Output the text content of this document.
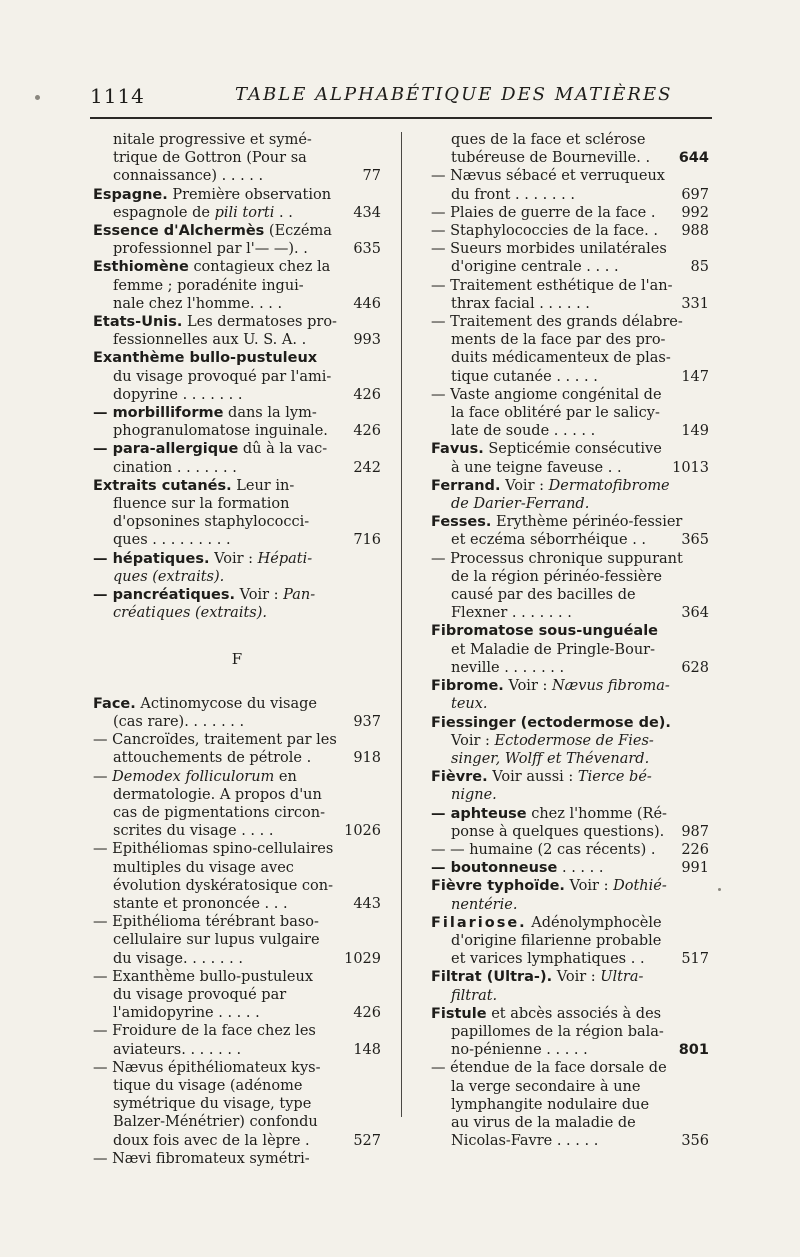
1114	TABLE ALPHABÉTIQUE DES MATIÈRES
nitale progressive et symé-
trique de Gottron (Pour sa
connaissance) . . . . .	77
Espagne. Première observation
espagnole de pili torti . .	434
Essence d'Alchermès (Eczéma
professionnel par l'— —). .	635
Esthiomène contagieux chez la
femme ; poradénite ingui-
nale chez l'homme. . . .	446
Etats-Unis. Les dermatoses pro-
fessionnelles aux U. S. A. .	993
Exanthème bullo-pustuleux
du visage provoqué par l'ami-
dopyrine . . . . . . .	426
— morbilliforme dans la lym-
phogranulomatose inguinale.	426
— para-allergique dû à la vac-
cination . . . . . . .	242
Extraits cutanés. Leur in-
fluence sur la formation
d'opsonines staphylococci-
ques . . . . . . . . .	716
— hépatiques. Voir : Hépati-
ques (extraits).
— pancréatiques. Voir : Pan-
créatiques (extraits).
F
Face. Actinomycose du visage
(cas rare). . . . . . .	937
— Cancroïdes, traitement par les
attouchements de pétrole .	918
— Demodex folliculorum en
dermatologie. A propos d'un
cas de pigmentations circon-
scrites du visage . . . .	1026
— Epithéliomas spino-cellulaires
multiples du visage avec
évolution dyskératosique con-
stante et prononcée . . .	443
— Epithélioma térébrant baso-
cellulaire sur lupus vulgaire
du visage. . . . . . .	1029
— Exanthème bullo-pustuleux
du visage provoqué par
l'amidopyrine . . . . .	426
— Froidure de la face chez les
aviateurs. . . . . . .	148
— Nævus épithéliomateux kys-
tique du visage (adénome
symétrique du visage, type
Balzer-Ménétrier) confondu
doux fois avec de la lèpre .	527
— Nævi fibromateux symétri-
ques de la face et sclérose
tubéreuse de Bourneville. .	644
— Nævus sébacé et verruqueux
du front . . . . . . .	697
— Plaies de guerre de la face .	992
— Staphylococcies de la face. .	988
— Sueurs morbides unilatérales
d'origine centrale . . . .	85
— Traitement esthétique de l'an-
thrax facial . . . . . .	331
— Traitement des grands délabre-
ments de la face par des pro-
duits médicamenteux de plas-
tique cutanée . . . . .	147
— Vaste angiome congénital de
la face oblitéré par le salicy-
late de soude . . . . .	149
Favus. Septicémie consécutive
à une teigne faveuse . .	1013
Ferrand. Voir : Dermatofibrome
de Darier-Ferrand.
Fesses. Erythème périnéo-fessier
et eczéma séborrhéique . .	365
— Processus chronique suppurant
de la région périnéo-fessière
causé par des bacilles de
Flexner . . . . . . .	364
Fibromatose sous-unguéale
et Maladie de Pringle-Bour-
neville . . . . . . .	628
Fibrome. Voir : Nævus fibroma-
teux.
Fiessinger (ectodermose de).
Voir : Ectodermose de Fies-
singer, Wolff et Thévenard.
Fièvre. Voir aussi : Tierce bé-
nigne.
— aphteuse chez l'homme (Ré-
ponse à quelques questions).	987
— — humaine (2 cas récents) .	226
— boutonneuse . . . . .	991
Fièvre typhoïde. Voir : Dothié-
nentérie.
Filariose. Adénolymphocèle
d'origine filarienne probable
et varices lymphatiques . .	517
Filtrat (Ultra-). Voir : Ultra-
filtrat.
Fistule et abcès associés à des
papillomes de la région bala-
no-pénienne . . . . .	801
— étendue de la face dorsale de
la verge secondaire à une
lymphangite nodulaire due
au virus de la maladie de
Nicolas-Favre . . . . .	356
